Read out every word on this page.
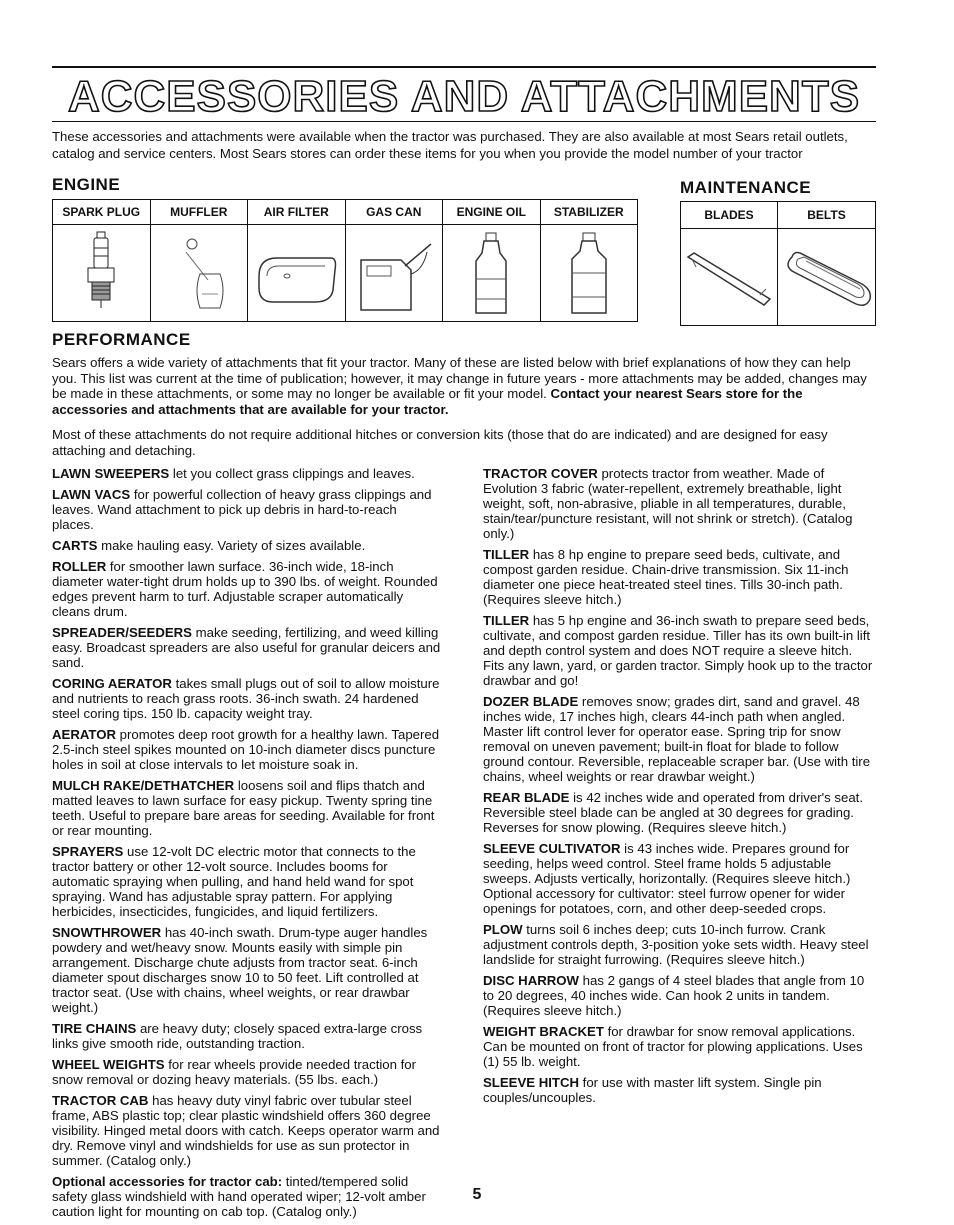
ACCESSORIES AND ATTACHMENTS

These accessories and attachments were available when the tractor was purchased. They are also available at most Sears retail outlets, catalog and service centers. Most Sears stores can order these items for you when you provide the model number of your tractor

ENGINE	MAINTENANCE
SPARK PLUG	MUFFLER	AIR FILTER	GAS CAN	ENGINE OIL	STABILIZER

		BLADES	BELTS

PERFORMANCE

Sears offers a wide variety of attachments that fit your tractor. Many of these are listed below with brief explanations of how they can help you. This list was current at the time of publication; however, it may change in future years - more attachments may be added, changes may be made in these attachments, or some may no longer be available or fit your model. Contact your nearest Sears store for the accessories and attachments that are available for your tractor.

Most of these attachments do not require additional hitches or conversion kits (those that do are indicated) and are designed for easy attaching and detaching.

LAWN SWEEPERS let you collect grass clippings and leaves.

LAWN VACS for powerful collection of heavy grass clippings and leaves. Wand attachment to pick up debris in hard-to-reach places.

CARTS make hauling easy. Variety of sizes available.

ROLLER for smoother lawn surface. 36-inch wide, 18-inch diameter water-tight drum holds up to 390 lbs. of weight. Rounded edges prevent harm to turf. Adjustable scraper automatically cleans drum.

SPREADER/SEEDERS make seeding, fertilizing, and weed killing easy. Broadcast spreaders are also useful for granular deicers and sand.

CORING AERATOR takes small plugs out of soil to allow moisture and nutrients to reach grass roots. 36-inch swath. 24 hardened steel coring tips. 150 lb. capacity weight tray.

AERATOR promotes deep root growth for a healthy lawn. Tapered 2.5-inch steel spikes mounted on 10-inch diameter discs puncture holes in soil at close intervals to let moisture soak in.

MULCH RAKE/DETHATCHER loosens soil and flips thatch and matted leaves to lawn surface for easy pickup. Twenty spring tine teeth. Useful to prepare bare areas for seeding. Available for front or rear mounting.

SPRAYERS use 12-volt DC electric motor that connects to the tractor battery or other 12-volt source. Includes booms for automatic spraying when pulling, and hand held wand for spot spraying. Wand has adjustable spray pattern. For applying herbicides, insecticides, fungicides, and liquid fertilizers.

SNOWTHROWER has 40-inch swath. Drum-type auger handles powdery and wet/heavy snow. Mounts easily with simple pin arrangement. Discharge chute adjusts from tractor seat. 6-inch diameter spout discharges snow 10 to 50 feet. Lift controlled at tractor seat. (Use with chains, wheel weights, or rear drawbar weight.)

TIRE CHAINS are heavy duty; closely spaced extra-large cross links give smooth ride, outstanding traction.

WHEEL WEIGHTS for rear wheels provide needed traction for snow removal or dozing heavy materials. (55 lbs. each.)

TRACTOR CAB has heavy duty vinyl fabric over tubular steel frame, ABS plastic top; clear plastic windshield offers 360 degree visibility. Hinged metal doors with catch. Keeps operator warm and dry. Remove vinyl and windshields for use as sun protector in summer. (Catalog only.)

Optional accessories for tractor cab: tinted/tempered solid safety glass windshield with hand operated wiper; 12-volt amber caution light for mounting on cab top. (Catalog only.)

TRACTOR COVER protects tractor from weather. Made of Evolution 3 fabric (water-repellent, extremely breathable, light weight, soft, non-abrasive, pliable in all temperatures, durable, stain/tear/puncture resistant, will not shrink or stretch). (Catalog only.)

TILLER has 8 hp engine to prepare seed beds, cultivate, and compost garden residue. Chain-drive transmission. Six 11-inch diameter one piece heat-treated steel tines. Tills 30-inch path. (Requires sleeve hitch.)

TILLER has 5 hp engine and 36-inch swath to prepare seed beds, cultivate, and compost garden residue. Tiller has its own built-in lift and depth control system and does NOT require a sleeve hitch. Fits any lawn, yard, or garden tractor. Simply hook up to the tractor drawbar and go!

DOZER BLADE removes snow; grades dirt, sand and gravel. 48 inches wide, 17 inches high, clears 44-inch path when angled. Master lift control lever for operator ease. Spring trip for snow removal on uneven pavement; built-in float for blade to follow ground contour. Reversible, replaceable scraper bar. (Use with tire chains, wheel weights or rear drawbar weight.)

REAR BLADE is 42 inches wide and operated from driver's seat. Reversible steel blade can be angled at 30 degrees for grading. Reverses for snow plowing. (Requires sleeve hitch.)

SLEEVE CULTIVATOR is 43 inches wide. Prepares ground for seeding, helps weed control. Steel frame holds 5 adjustable sweeps. Adjusts vertically, horizontally. (Requires sleeve hitch.) Optional accessory for cultivator: steel furrow opener for wider openings for potatoes, corn, and other deep-seeded crops.

PLOW turns soil 6 inches deep; cuts 10-inch furrow. Crank adjustment controls depth, 3-position yoke sets width. Heavy steel landslide for straight furrowing. (Requires sleeve hitch.)

DISC HARROW has 2 gangs of 4 steel blades that angle from 10 to 20 degrees, 40 inches wide. Can hook 2 units in tandem. (Requires sleeve hitch.)

WEIGHT BRACKET for drawbar for snow removal applications. Can be mounted on front of tractor for plowing applications. Uses (1) 55 lb. weight.

SLEEVE HITCH for use with master lift system. Single pin couples/uncouples.

5
